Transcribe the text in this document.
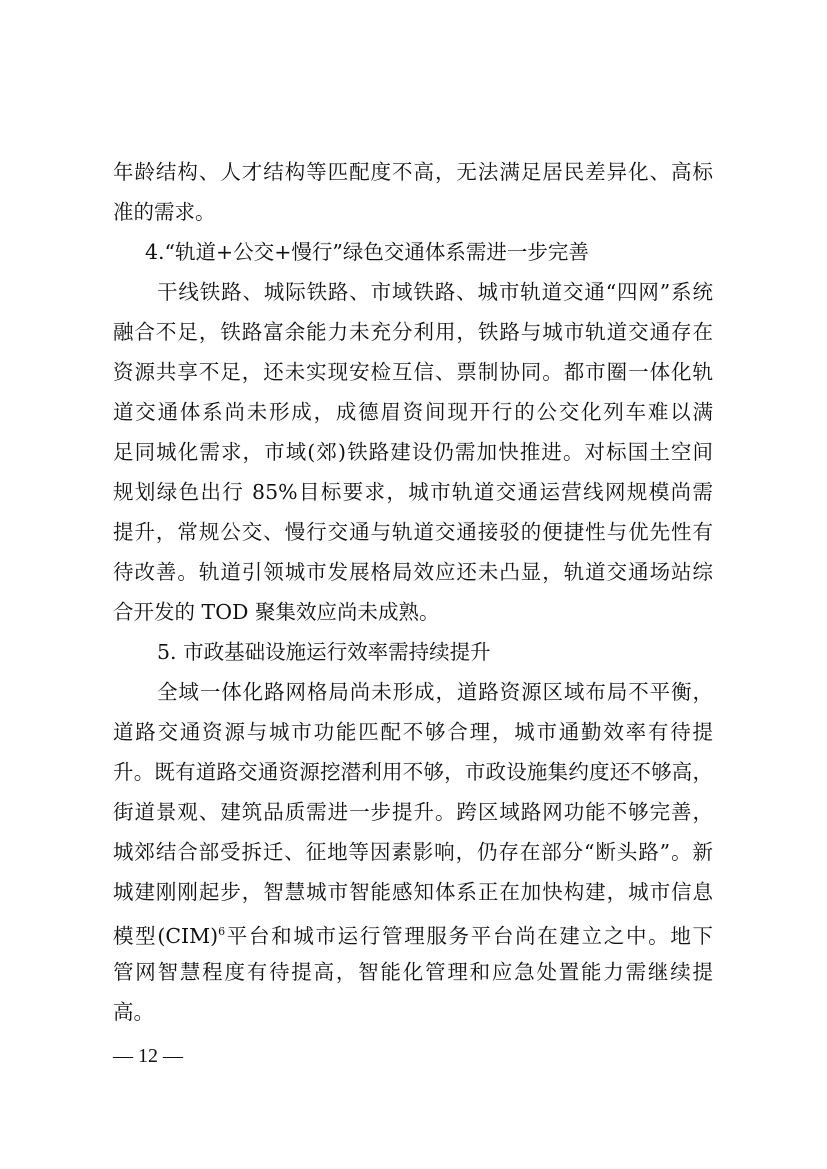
年龄结构、人才结构等匹配度不高，无法满足居民差异化、高标
准的需求。
4.“轨道+公交+慢行”绿色交通体系需进一步完善
干线铁路、城际铁路、市域铁路、城市轨道交通“四网”系统
融合不足，铁路富余能力未充分利用，铁路与城市轨道交通存在
资源共享不足，还未实现安检互信、票制协同。都市圈一体化轨
道交通体系尚未形成，成德眉资间现开行的公交化列车难以满
足同城化需求，市域(郊)铁路建设仍需加快推进。对标国土空间
规划绿色出行 85%目标要求，城市轨道交通运营线网规模尚需
提升，常规公交、慢行交通与轨道交通接驳的便捷性与优先性有
待改善。轨道引领城市发展格局效应还未凸显，轨道交通场站综
合开发的 TOD 聚集效应尚未成熟。
5. 市政基础设施运行效率需持续提升
全域一体化路网格局尚未形成，道路资源区域布局不平衡，
道路交通资源与城市功能匹配不够合理，城市通勤效率有待提
升。既有道路交通资源挖潜利用不够，市政设施集约度还不够高，
街道景观、建筑品质需进一步提升。跨区域路网功能不够完善，
城郊结合部受拆迁、征地等因素影响，仍存在部分“断头路”。新
城建刚刚起步，智慧城市智能感知体系正在加快构建，城市信息
模型(CIM)$^6$平台和城市运行管理服务平台尚在建立之中。地下
管网智慧程度有待提高，智能化管理和应急处置能力需继续提
高。
— 12 —
